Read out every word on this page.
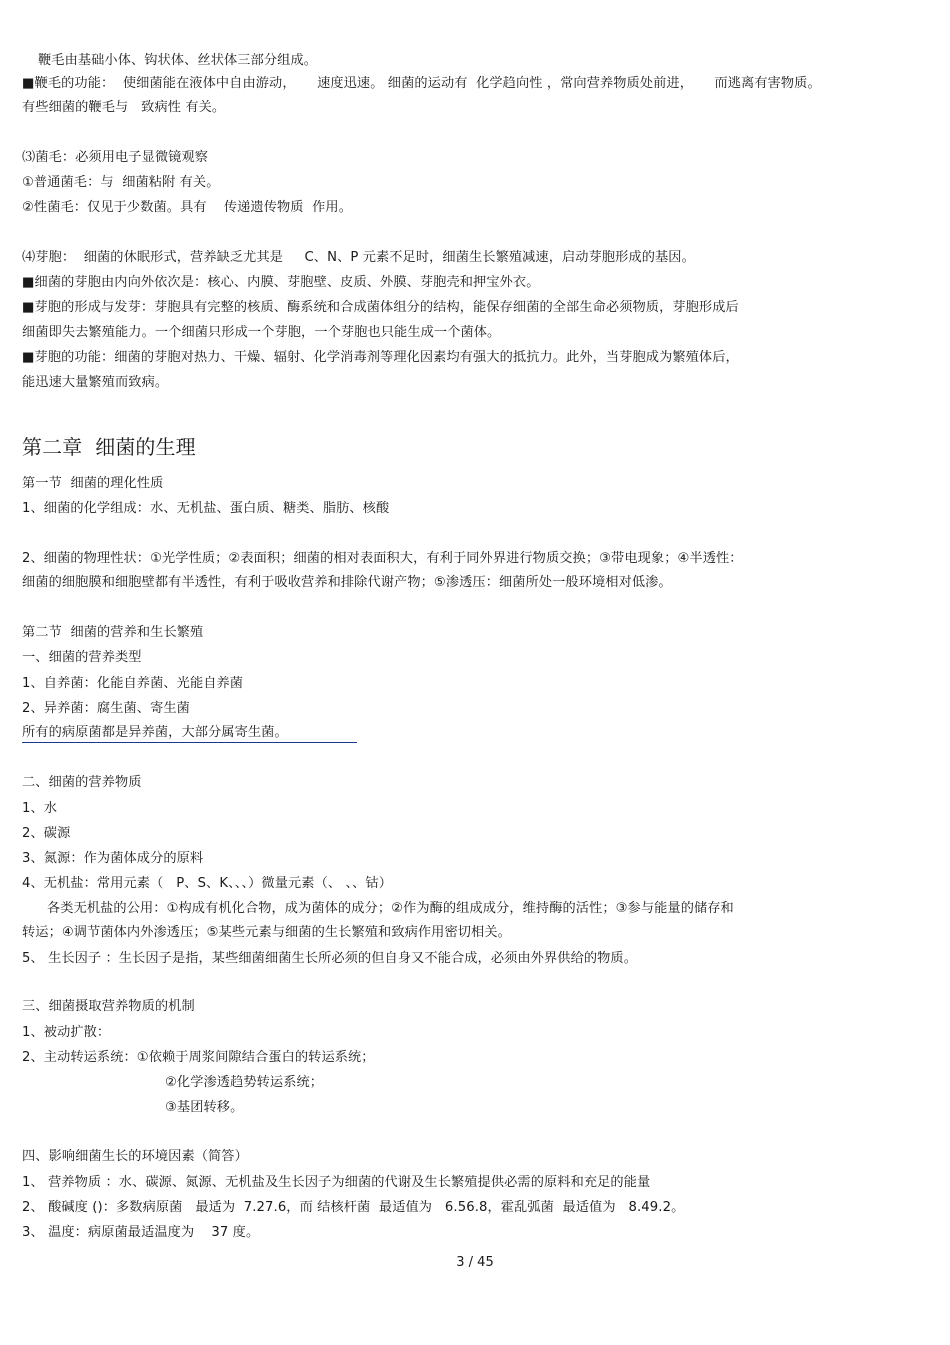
鞭毛由基础小体、钩状体、丝状体三部分组成。
■鞭毛的功能：  使细菌能在液体中自由游动，     速度迅速。 细菌的运动有  化学趋向性 ，常向营养物质处前进，     而逃离有害物质。
有些细菌的鞭毛与   致病性 有关。
⑶菌毛：必须用电子显微镜观察
①普通菌毛：与  细菌粘附 有关。
②性菌毛：仅见于少数菌。具有    传递遗传物质  作用。
⑷芽胞：  细菌的休眠形式，营养缺乏尤其是     C、N、P 元素不足时，细菌生长繁殖减速，启动芽胞形成的基因。
■细菌的芽胞由内向外依次是：核心、内膜、芽胞壁、皮质、外膜、芽胞壳和押宝外衣。
■芽胞的形成与发芽：芽胞具有完整的核质、酶系统和合成菌体组分的结构，能保存细菌的全部生命必须物质，芽胞形成后
细菌即失去繁殖能力。一个细菌只形成一个芽胞，一个芽胞也只能生成一个菌体。
■芽胞的功能：细菌的芽胞对热力、干燥、辐射、化学消毒剂等理化因素均有强大的抵抗力。此外，当芽胞成为繁殖体后，
能迅速大量繁殖而致病。
第二章  细菌的生理
第一节  细菌的理化性质
1、细菌的化学组成：水、无机盐、蛋白质、糖类、脂肪、核酸
2、细菌的物理性状：①光学性质；②表面积；细菌的相对表面积大，有利于同外界进行物质交换；③带电现象；④半透性：
细菌的细胞膜和细胞壁都有半透性，有利于吸收营养和排除代谢产物；⑤渗透压：细菌所处一般环境相对低渗。
第二节  细菌的营养和生长繁殖
一、细菌的营养类型
1、自养菌：化能自养菌、光能自养菌
2、异养菌：腐生菌、寄生菌
所有的病原菌都是异养菌，大部分属寄生菌。
二、细菌的营养物质
1、水
2、碳源
3、氮源：作为菌体成分的原料
4、无机盐：常用元素（   P、S、K、、、）微量元素（、 、、钴）
各类无机盐的公用：①构成有机化合物，成为菌体的成分；②作为酶的组成成分，维持酶的活性；③参与能量的储存和
转运；④调节菌体内外渗透压；⑤某些元素与细菌的生长繁殖和致病作用密切相关。
5、 生长因子 ：生长因子是指，某些细菌细菌生长所必须的但自身又不能合成，必须由外界供给的物质。
三、细菌摄取营养物质的机制
1、被动扩散：
2、主动转运系统：①依赖于周浆间隙结合蛋白的转运系统；
②化学渗透趋势转运系统；
③基团转移。
四、影响细菌生长的环境因素（简答）
1、 营养物质 ：水、碳源、氮源、无机盐及生长因子为细菌的代谢及生长繁殖提供必需的原料和充足的能量
2、 酸碱度 ()：多数病原菌   最适为  7.27.6，而 结核杆菌  最适值为   6.56.8，霍乱弧菌  最适值为   8.49.2。
3、 温度：病原菌最适温度为    37 度。
3 / 45
